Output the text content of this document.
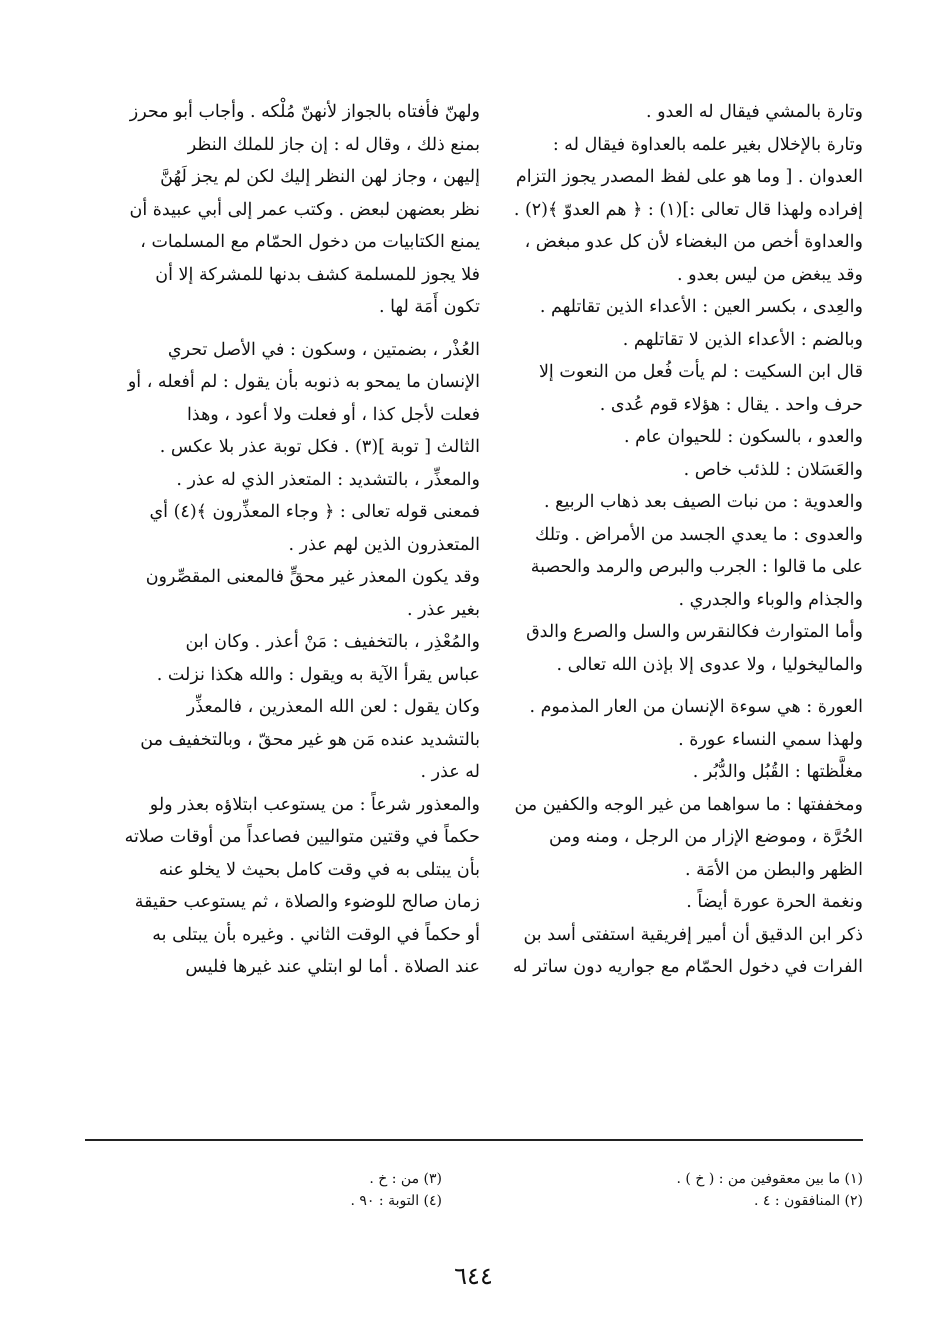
وتارة بالمشي فيقال له العدو .
وتارة بالإخلال بغير علمه بالعداوة فيقال له :
العدوان . [ وما هو على لفظ المصدر يجوز التزام
إفراده ولهذا قال تعالى :](١) : ﴿ هم العدوّ ﴾(٢) .
والعداوة أخص من البغضاء لأن كل عدو مبغض ،
وقد يبغض من ليس بعدو .
والعِدى ، بكسر العين : الأعداء الذين تقاتلهم .
وبالضم : الأعداء الذين لا تقاتلهم .
قال ابن السكيت : لم يأت فُعل من النعوت إلا
حرف واحد . يقال : هؤلاء قوم عُدى .
والعدو ، بالسكون : للحيوان عام .
والعَسَلان : للذئب خاص .
والعدوية : من نبات الصيف بعد ذهاب الربيع .
والعدوى : ما يعدي الجسد من الأمراض . وتلك
على ما قالوا : الجرب والبرص والرمد والحصبة
والجذام والوباء والجدري .
وأما المتوارث فكالنقرس والسل والصرع والدق
والماليخوليا ، ولا عدوى إلا بإذن الله تعالى .
العورة : هي سوءة الإنسان من العار المذموم .
ولهذا سمي النساء عورة .
مغلَّظتها : القُبُل والدُّبُر .
ومخففتها : ما سواهما من غير الوجه والكفين من
الحُرَّة ، وموضع الإزار من الرجل ، ومنه ومن
الظهر والبطن من الأمَة .
ونغمة الحرة عورة أيضاً .
ذكر ابن الدقيق أن أمير إفريقية استفتى أسد بن
الفرات في دخول الحمّام مع جواريه دون ساتر له
ولهنّ فأفتاه بالجواز لأنهنّ مُلْكه . وأجاب أبو محرز
بمنع ذلك ، وقال له : إن جاز للملك النظر
إليهن ، وجاز لهن النظر إليك لكن لم يجز لَهُنَّ
نظر بعضهن لبعض . وكتب عمر إلى أبي عبيدة أن
يمنع الكتابيات من دخول الحمّام مع المسلمات ،
فلا يجوز للمسلمة كشف بدنها للمشركة إلا أن
تكون أَمَة لها .
العُذْر ، بضمتين ، وسكون : في الأصل تحري
الإنسان ما يمحو به ذنوبه بأن يقول : لم أفعله ، أو
فعلت لأجل كذا ، أو فعلت ولا أعود ، وهذا
الثالث [ توبة ](٣) . فكل توبة عذر بلا عكس .
والمعذِّر ، بالتشديد : المتعذر الذي له عذر .
فمعنى قوله تعالى : ﴿ وجاء المعذِّرون ﴾(٤) أي
المتعذرون الذين لهم عذر .
وقد يكون المعذر غير محقٍّ فالمعنى المقصِّرون
بغير عذر .
والمُعْذِر ، بالتخفيف : مَنْ أعذر . وكان ابن
عباس يقرأ الآية به ويقول : والله هكذا نزلت .
وكان يقول : لعن الله المعذرين ، فالمعذِّر
بالتشديد عنده مَن هو غير محقّ ، وبالتخفيف من
له عذر .
والمعذور شرعاً : من يستوعب ابتلاؤه بعذر ولو
حكماً في وقتين متواليين فصاعداً من أوقات صلاته
بأن يبتلى به في وقت كامل بحيث لا يخلو عنه
زمان صالح للوضوء والصلاة ، ثم يستوعب حقيقة
أو حكماً في الوقت الثاني . وغيره بأن يبتلى به
عند الصلاة . أما لو ابتلي عند غيرها فليس
(١) ما بين معقوفين من : ( خ ) .
(٢) المنافقون : ٤ .
(٣) من : خ .
(٤) التوبة : ٩٠ .
٦٤٤
